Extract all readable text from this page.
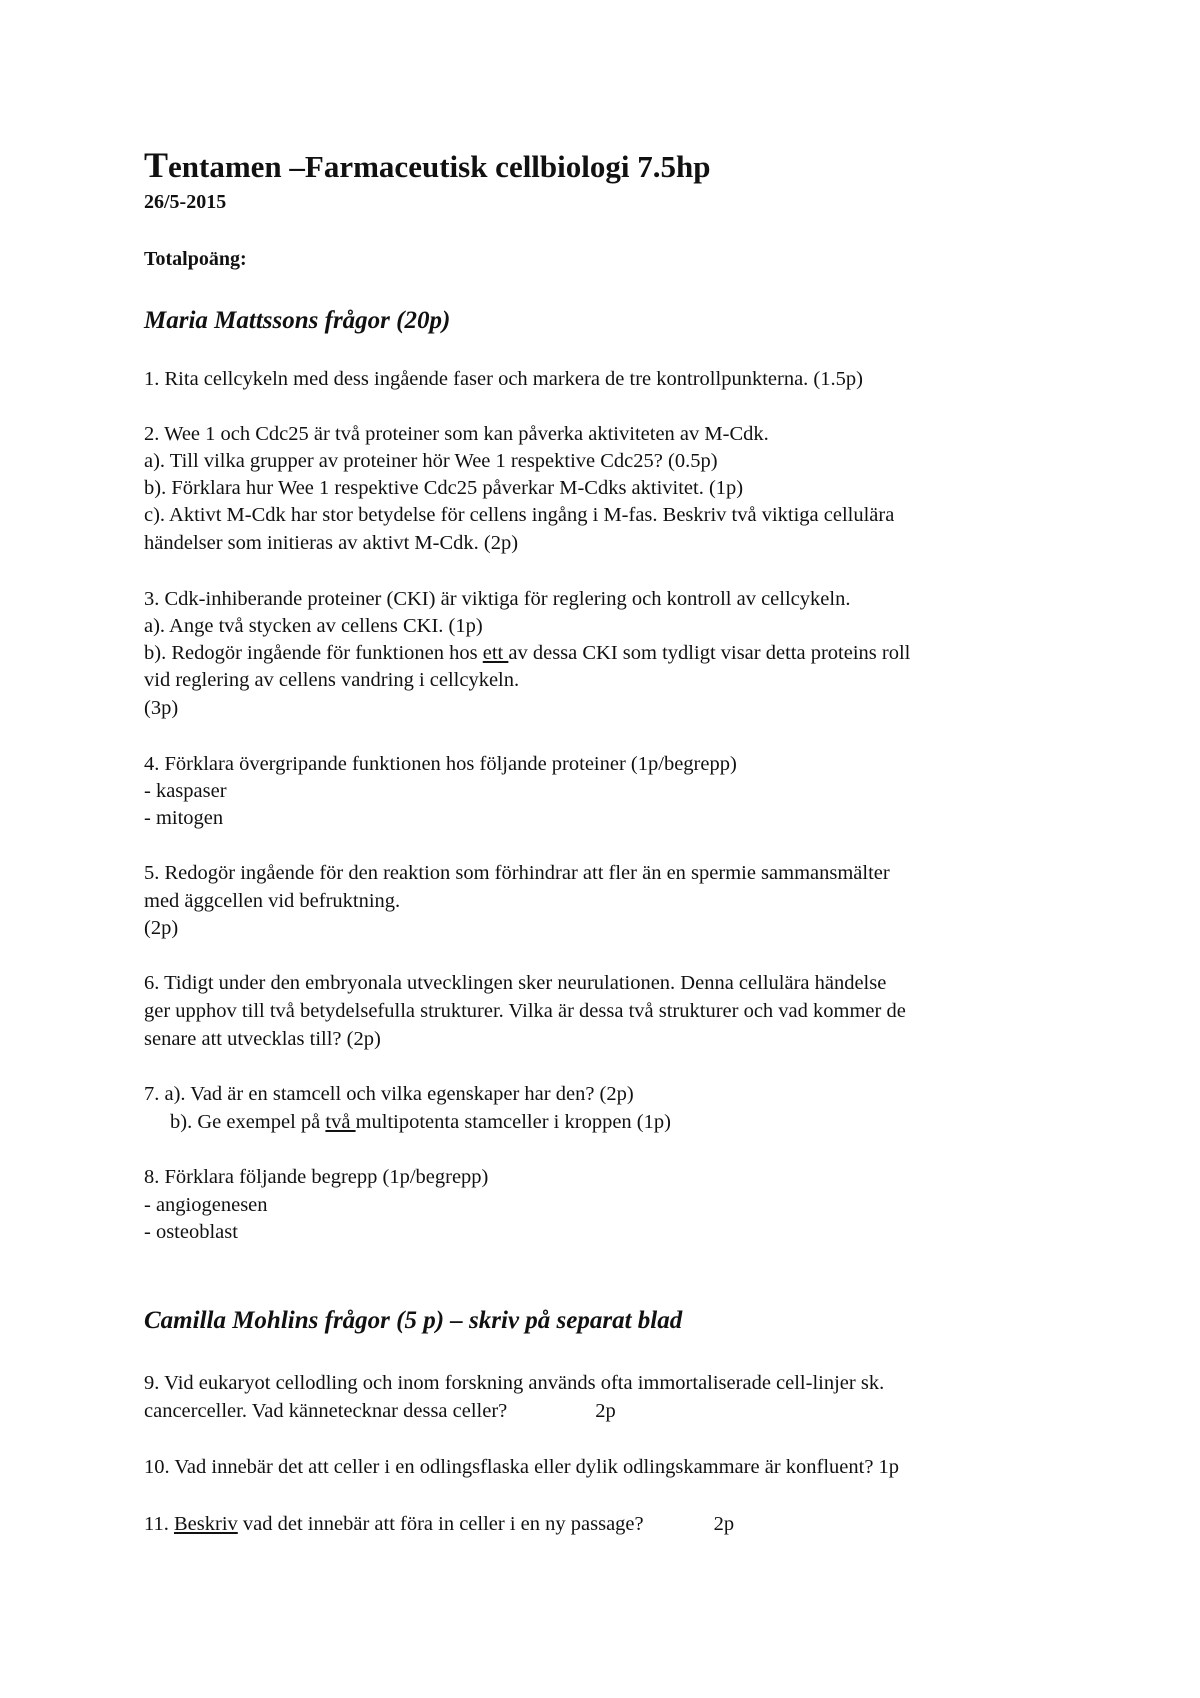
Tentamen –Farmaceutisk cellbiologi 7.5hp
26/5-2015
Totalpoäng:
Maria Mattssons frågor (20p)
1. Rita cellcykeln med dess ingående faser och markera de tre kontrollpunkterna. (1.5p)
2. Wee 1 och Cdc25 är två proteiner som kan påverka aktiviteten av M-Cdk.
a). Till vilka grupper av proteiner hör Wee 1 respektive Cdc25? (0.5p)
b). Förklara hur Wee 1 respektive Cdc25 påverkar M-Cdks aktivitet. (1p)
c). Aktivt M-Cdk har stor betydelse för cellens ingång i M-fas. Beskriv två viktiga cellulära
händelser som initieras av aktivt M-Cdk. (2p)
3. Cdk-inhiberande proteiner (CKI) är viktiga för reglering och kontroll av cellcykeln.
a). Ange två stycken av cellens CKI. (1p)
b). Redogör ingående för funktionen hos ett av dessa CKI som tydligt visar detta proteins roll
vid reglering av cellens vandring i cellcykeln.
(3p)
4. Förklara övergripande funktionen hos följande proteiner (1p/begrepp)
- kaspaser
- mitogen
5. Redogör ingående för den reaktion som förhindrar att fler än en spermie sammansmälter
med äggcellen vid befruktning.
(2p)
6. Tidigt under den embryonala utvecklingen sker neurulationen. Denna cellulära händelse
ger upphov till två betydelsefulla strukturer. Vilka är dessa två strukturer och vad kommer de
senare att utvecklas till? (2p)
7. a). Vad är en stamcell och vilka egenskaper har den? (2p)
b). Ge exempel på två multipotenta stamceller i kroppen (1p)
8. Förklara följande begrepp (1p/begrepp)
- angiogenesen
- osteoblast
Camilla Mohlins frågor (5 p) – skriv på separat blad
9. Vid eukaryot cellodling och inom forskning används ofta immortaliserade cell-linjer sk.
cancerceller. Vad kännetecknar dessa celler?	2p
10. Vad innebär det att celler i en odlingsflaska eller dylik odlingskammare är konfluent? 1p
11. Beskriv vad det innebär att föra in celler i en ny passage?	2p
